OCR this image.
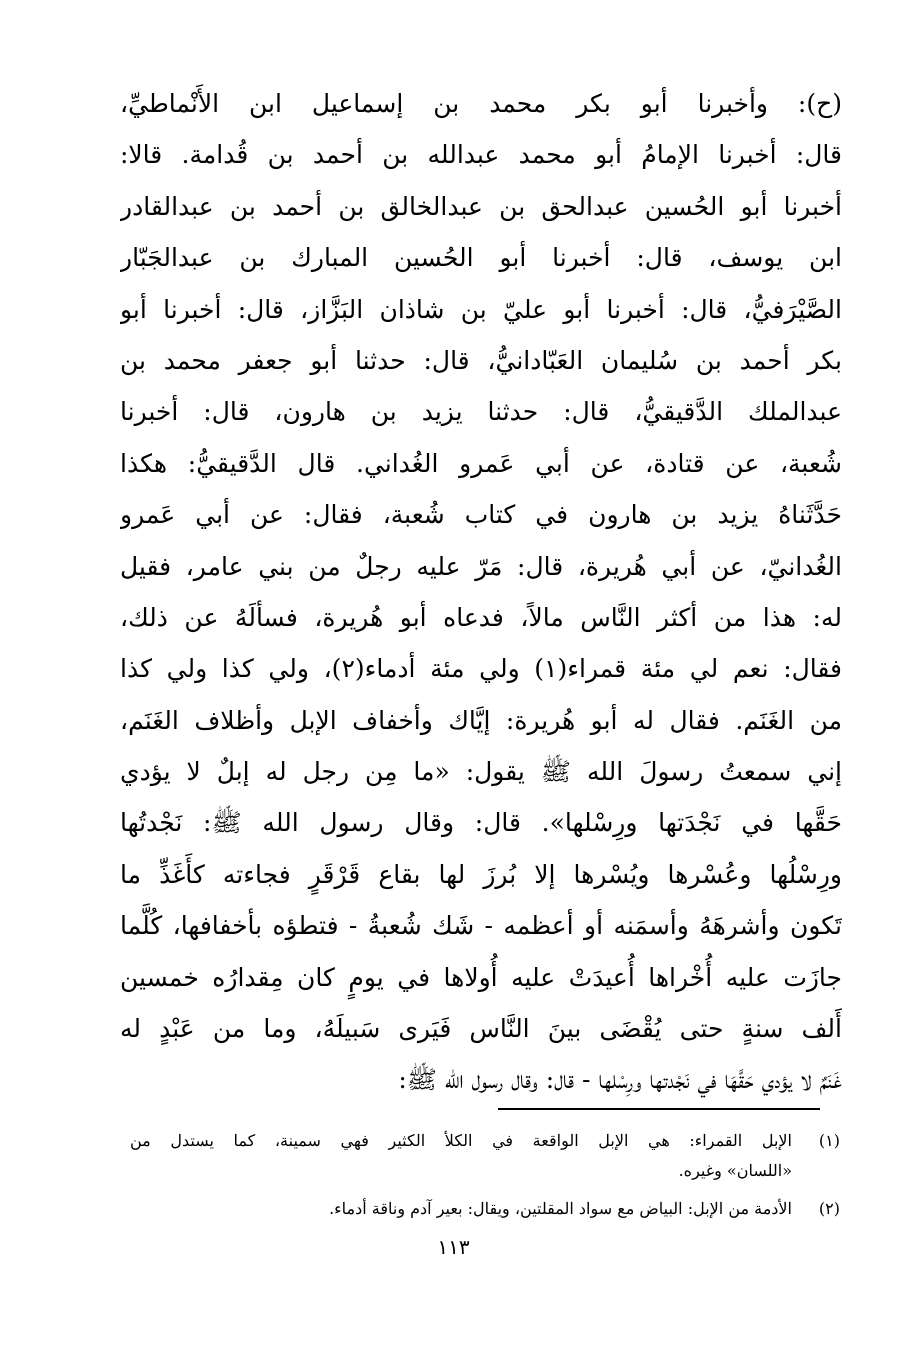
(ح): وأخبرنا أبو بكر محمد بن إسماعيل ابن الأَنْماطيِّ،
قال: أخبرنا الإمامُ أبو محمد عبدالله بن أحمد بن قُدامة. قالا:
أخبرنا أبو الحُسين عبدالحق بن عبدالخالق بن أحمد بن عبدالقادر
ابن يوسف، قال: أخبرنا أبو الحُسين المبارك بن عبدالجَبّار
الصَّيْرَفيُّ، قال: أخبرنا أبو عليّ بن شاذان البَزَّاز، قال: أخبرنا أبو
بكر أحمد بن سُليمان العَبّادانيُّ، قال: حدثنا أبو جعفر محمد بن
عبدالملك الدَّقيقيُّ، قال: حدثنا يزيد بن هارون، قال: أخبرنا
شُعبة، عن قتادة، عن أبي عَمرو الغُداني. قال الدَّقيقيُّ: هكذا
حَدَّثَناهُ يزيد بن هارون في كتاب شُعبة، فقال: عن أبي عَمرو
الغُدانيّ، عن أبي هُريرة، قال: مَرّ عليه رجلٌ من بني عامر، فقيل
له: هذا من أكثر النَّاس مالاً، فدعاه أبو هُريرة، فسألَهُ عن ذلك،
فقال: نعم لي مئة قمراء(١) ولي مئة أدماء(٢)، ولي كذا ولي كذا
من الغَنَم. فقال له أبو هُريرة: إيَّاك وأخفاف الإبل وأظلاف الغَنَم،
إني سمعتُ رسولَ الله ﷺ يقول: «ما مِن رجل له إبلٌ لا يؤدي
حَقَّها في نَجْدَتها ورِسْلها». قال: وقال رسول الله ﷺ: نَجْدتُها
ورِسْلُها وعُسْرها ويُسْرها إلا بُرزَ لها بقاع قَرْقَرٍ فجاءته كأَغَذِّ ما
تَكون وأشرهَهُ وأسمَنه أو أعظمه - شَك شُعبةُ - فتطؤه بأخفافها، كُلَّما
جازَت عليه أُخْراها أُعيدَتْ عليه أُولاها في يومٍ كان مِقدارُه خمسين
أَلف سنةٍ حتى يُقْضَى بينَ النَّاس فَيَرى سَبيلَهُ، وما من عَبْدٍ له
غَنَمٌ لا يؤدي حَقَّهَا في نَجْدتها ورِسْلها - قال: وقال رسول الله ﷺ:
(١)
الإبل القمراء: هي الإبل الواقعة في الكلأ الكثير فهي سمينة، كما يستدل من
«اللسان» وغيره.
(٢)
الأدمة من الإبل: البياض مع سواد المقلتين، ويقال: بعير آدم وناقة أدماء.
١١٣
